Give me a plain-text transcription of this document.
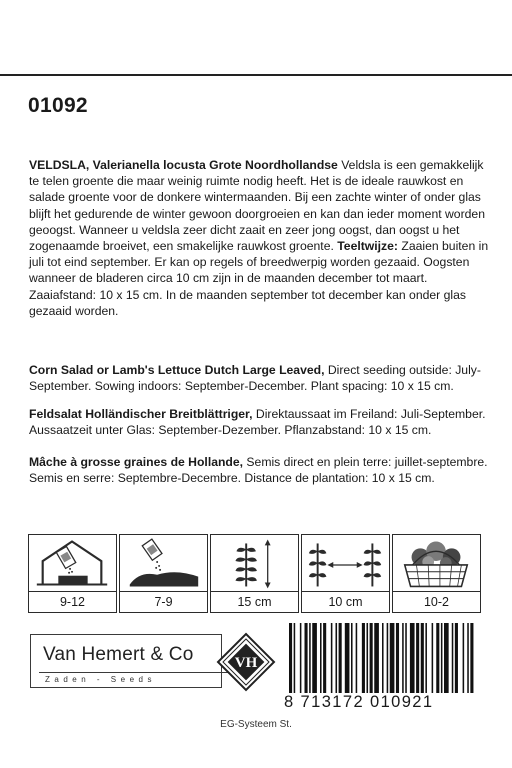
01092
VELDSLA, Valerianella locusta Grote Noordhollandse Veldsla is een gemakkelijk te telen groente die maar weinig ruimte nodig heeft. Het is de ideale rauwkost en salade groente voor de donkere wintermaanden. Bij een zachte winter of onder glas blijft het gedurende de winter gewoon doorgroeien en kan dan ieder moment worden geoogst. Wanneer u veldsla zeer dicht zaait en zeer jong oogst, dan oogst u het zogenaamde broeivet, een smakelijke rauwkost groente. Teeltwijze: Zaaien buiten in juli tot eind september. Er kan op regels of breedwerpig worden gezaaid. Oogsten wanneer de bladeren circa 10 cm zijn in de maanden december tot maart. Zaaiafstand: 10 x 15 cm. In de maanden september tot december kan onder glas gezaaid worden.
Corn Salad or Lamb's Lettuce Dutch Large Leaved, Direct seeding outside: July-September. Sowing indoors: September-December. Plant spacing: 10 x 15 cm.
Feldsalat Holländischer Breitblättriger, Direktaussaat im Freiland: Juli-September. Aussaatzeit unter Glas: September-Dezember. Pflanzabstand: 10 x 15 cm.
Mâche à grosse graines de Hollande, Semis direct en plein terre: juillet-septembre. Semis en serre: Septembre-Decembre. Distance de plantation: 10 x 15 cm.
9-12	7-9	15 cm	10 cm	10-2
Van Hemert & Co
Zaden - Seeds
VH
8 713172 010921
EG-Systeem St.
